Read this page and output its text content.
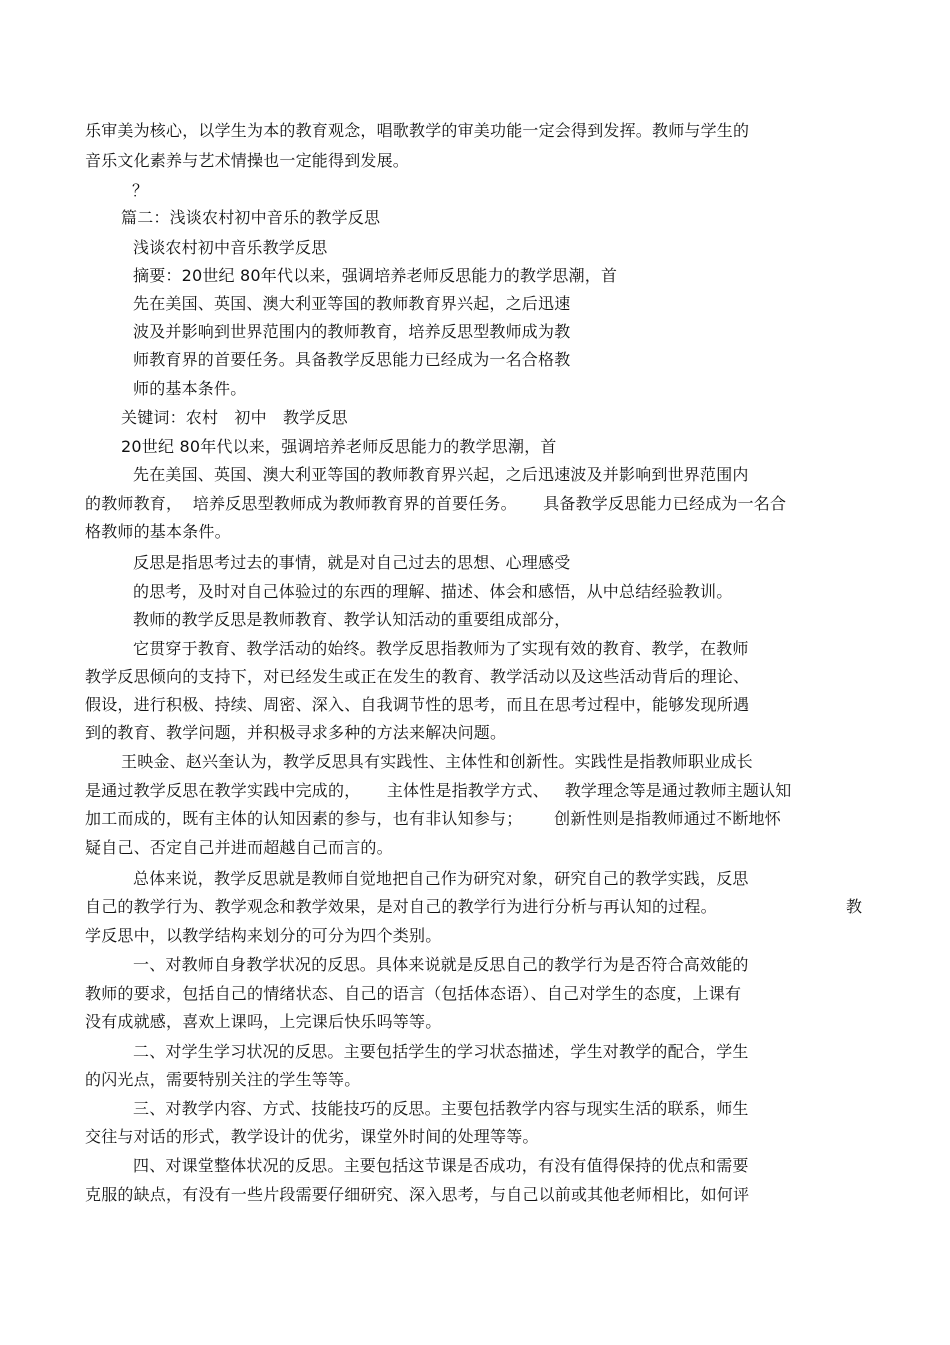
乐审美为核心，以学生为本的教育观念，唱歌教学的审美功能一定会得到发挥。教师与学生的
音乐文化素养与艺术情操也一定能得到发展。
？
篇二：浅谈农村初中音乐的教学反思
浅谈农村初中音乐教学反思
摘要：20世纪 80年代以来，强调培养老师反思能力的教学思潮，首
先在美国、英国、澳大利亚等国的教师教育界兴起，之后迅速
波及并影响到世界范围内的教师教育，培养反思型教师成为教
师教育界的首要任务。具备教学反思能力已经成为一名合格教
师的基本条件。
关键词：农村　初中　教学反思
20世纪 80年代以来，强调培养老师反思能力的教学思潮，首
先在美国、英国、澳大利亚等国的教师教育界兴起，之后迅速波及并影响到世界范围内
的教师教育，  培养反思型教师成为教师教育界的首要任务。     具备教学反思能力已经成为一名合
格教师的基本条件。
反思是指思考过去的事情，就是对自己过去的思想、心理感受
的思考，及时对自己体验过的东西的理解、描述、体会和感悟，从中总结经验教训。
教师的教学反思是教师教育、教学认知活动的重要组成部分，
它贯穿于教育、教学活动的始终。教学反思指教师为了实现有效的教育、教学，在教师
教学反思倾向的支持下，对已经发生或正在发生的教育、教学活动以及这些活动背后的理论、
假设，进行积极、持续、周密、深入、自我调节性的思考，而且在思考过程中，能够发现所遇
到的教育、教学问题，并积极寻求多种的方法来解决问题。
王映金、赵兴奎认为，教学反思具有实践性、主体性和创新性。实践性是指教师职业成长
是通过教学反思在教学实践中完成的，     主体性是指教学方式、   教学理念等是通过教师主题认知
加工而成的，既有主体的认知因素的参与，也有非认知参与；      创新性则是指教师通过不断地怀
疑自己、否定自己并进而超越自己而言的。
总体来说，教学反思就是教师自觉地把自己作为研究对象，研究自己的教学实践，反思
自己的教学行为、教学观念和教学效果，是对自己的教学行为进行分析与再认知的过程。	教
学反思中，以教学结构来划分的可分为四个类别。
一、对教师自身教学状况的反思。具体来说就是反思自己的教学行为是否符合高效能的
教师的要求，包括自己的情绪状态、自己的语言（包括体态语）、自己对学生的态度，上课有
没有成就感，喜欢上课吗，上完课后快乐吗等等。
二、对学生学习状况的反思。主要包括学生的学习状态描述，学生对教学的配合，学生
的闪光点，需要特别关注的学生等等。
三、对教学内容、方式、技能技巧的反思。主要包括教学内容与现实生活的联系，师生
交往与对话的形式，教学设计的优劣，课堂外时间的处理等等。
四、对课堂整体状况的反思。主要包括这节课是否成功，有没有值得保持的优点和需要
克服的缺点，有没有一些片段需要仔细研究、深入思考，与自己以前或其他老师相比，如何评
